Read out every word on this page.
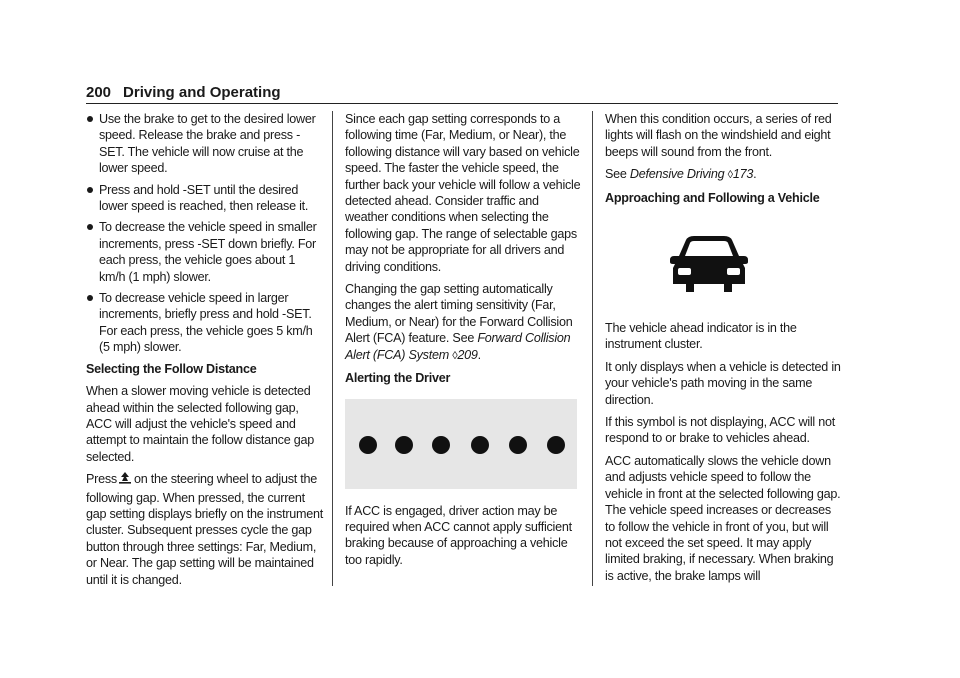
200 Driving and Operating
Use the brake to get to the desired lower speed. Release the brake and press -SET. The vehicle will now cruise at the lower speed.
Press and hold -SET until the desired lower speed is reached, then release it.
To decrease the vehicle speed in smaller increments, press -SET down briefly. For each press, the vehicle goes about 1 km/h (1 mph) slower.
To decrease vehicle speed in larger increments, briefly press and hold -SET. For each press, the vehicle goes 5 km/h (5 mph) slower.

Selecting the Follow Distance

When a slower moving vehicle is detected ahead within the selected following gap, ACC will adjust the vehicle's speed and attempt to maintain the follow distance gap selected.

Press on the steering wheel to adjust the following gap. When pressed, the current gap setting displays briefly on the instrument cluster. Subsequent presses cycle the gap button through three settings: Far, Medium, or Near. The gap setting will be maintained until it is changed.

Since each gap setting corresponds to a following time (Far, Medium, or Near), the following distance will vary based on vehicle speed. The faster the vehicle speed, the further back your vehicle will follow a vehicle detected ahead. Consider traffic and weather conditions when selecting the following gap. The range of selectable gaps may not be appropriate for all drivers and driving conditions.

Changing the gap setting automatically changes the alert timing sensitivity (Far, Medium, or Near) for the Forward Collision Alert (FCA) feature. See Forward Collision Alert (FCA) System ◊209.

Alerting the Driver

If ACC is engaged, driver action may be required when ACC cannot apply sufficient braking because of approaching a vehicle too rapidly.

When this condition occurs, a series of red lights will flash on the windshield and eight beeps will sound from the front.

See Defensive Driving ◊173.

Approaching and Following a Vehicle

The vehicle ahead indicator is in the instrument cluster.

It only displays when a vehicle is detected in your vehicle's path moving in the same direction.

If this symbol is not displaying, ACC will not respond to or brake to vehicles ahead.

ACC automatically slows the vehicle down and adjusts vehicle speed to follow the vehicle in front at the selected following gap. The vehicle speed increases or decreases to follow the vehicle in front of you, but will not exceed the set speed. It may apply limited braking, if necessary. When braking is active, the brake lamps will
